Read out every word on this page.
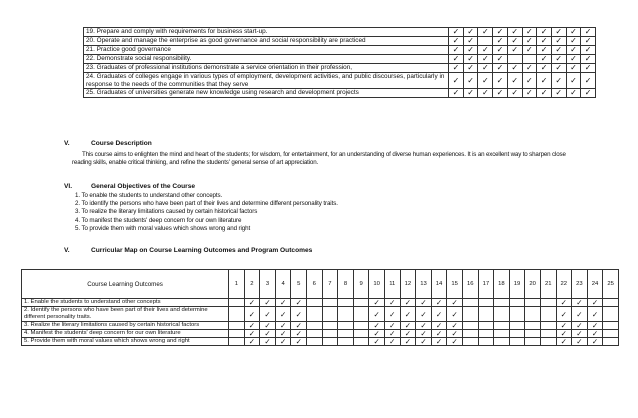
19. Prepare and comply with requirements for business start-up.	✓	✓	✓	✓	✓	✓	✓	✓	✓	✓
20. Operate and manage the enterprise as good governance and social responsibility are practiced	✓	✓		✓	✓	✓	✓	✓	✓	✓
21. Practice good governance	✓	✓	✓	✓	✓	✓	✓	✓	✓	✓
22. Demonstrate social responsibility.	✓	✓	✓	✓			✓	✓	✓	✓
23. Graduates of professional institutions demonstrate a service orientation in their profession,	✓	✓	✓	✓	✓	✓	✓	✓	✓	✓
24. Graduates of colleges engage in various types of employment, development activities, and public discourses, particularly in response to the needs of the communities that they serve	✓	✓	✓	✓	✓	✓	✓	✓	✓	✓
25. Graduates of universities generate new knowledge using research and development projects	✓	✓	✓	✓	✓	✓	✓	✓	✓	✓
V.	Course Description
This course aims to enlighten the mind and heart of the students; for wisdom, for entertainment, for an understanding of diverse human experiences. It is an excellent way to sharpen close reading skills, enable critical thinking, and refine the students' general sense of art appreciation.
VI.	General Objectives of the Course
1. To enable the students to understand other concepts.
2. To identify the persons who have been part of their lives and determine different personality traits.
3. To realize the literary limitations caused by certain historical factors
4. To manifest the students' deep concern for our own literature
5. To provide them with moral values which shows wrong and right
V.	Curricular Map on Course Learning Outcomes and Program Outcomes
Course Learning Outcomes	1	2	3	4	5	6	7	8	9	10	11	12	13	14	15	16	17	18	19	20	21	22	23	24	25
1. Enable the students to understand other concepts		✓	✓	✓	✓					✓	✓	✓	✓	✓	✓							✓	✓	✓	
2. Identify the persons who have been part of their lives and determine different personality traits.		✓	✓	✓	✓					✓	✓	✓	✓	✓	✓							✓	✓	✓	
3. Realize the literary limitations caused by certain historical factors		✓	✓	✓	✓					✓	✓	✓	✓	✓	✓							✓	✓	✓	
4. Manifest the students' deep concern for our own literature		✓	✓	✓	✓					✓	✓	✓	✓	✓	✓							✓	✓	✓	
5. Provide them with moral values which shows wrong and right		✓	✓	✓	✓					✓	✓	✓	✓	✓	✓							✓	✓	✓	
